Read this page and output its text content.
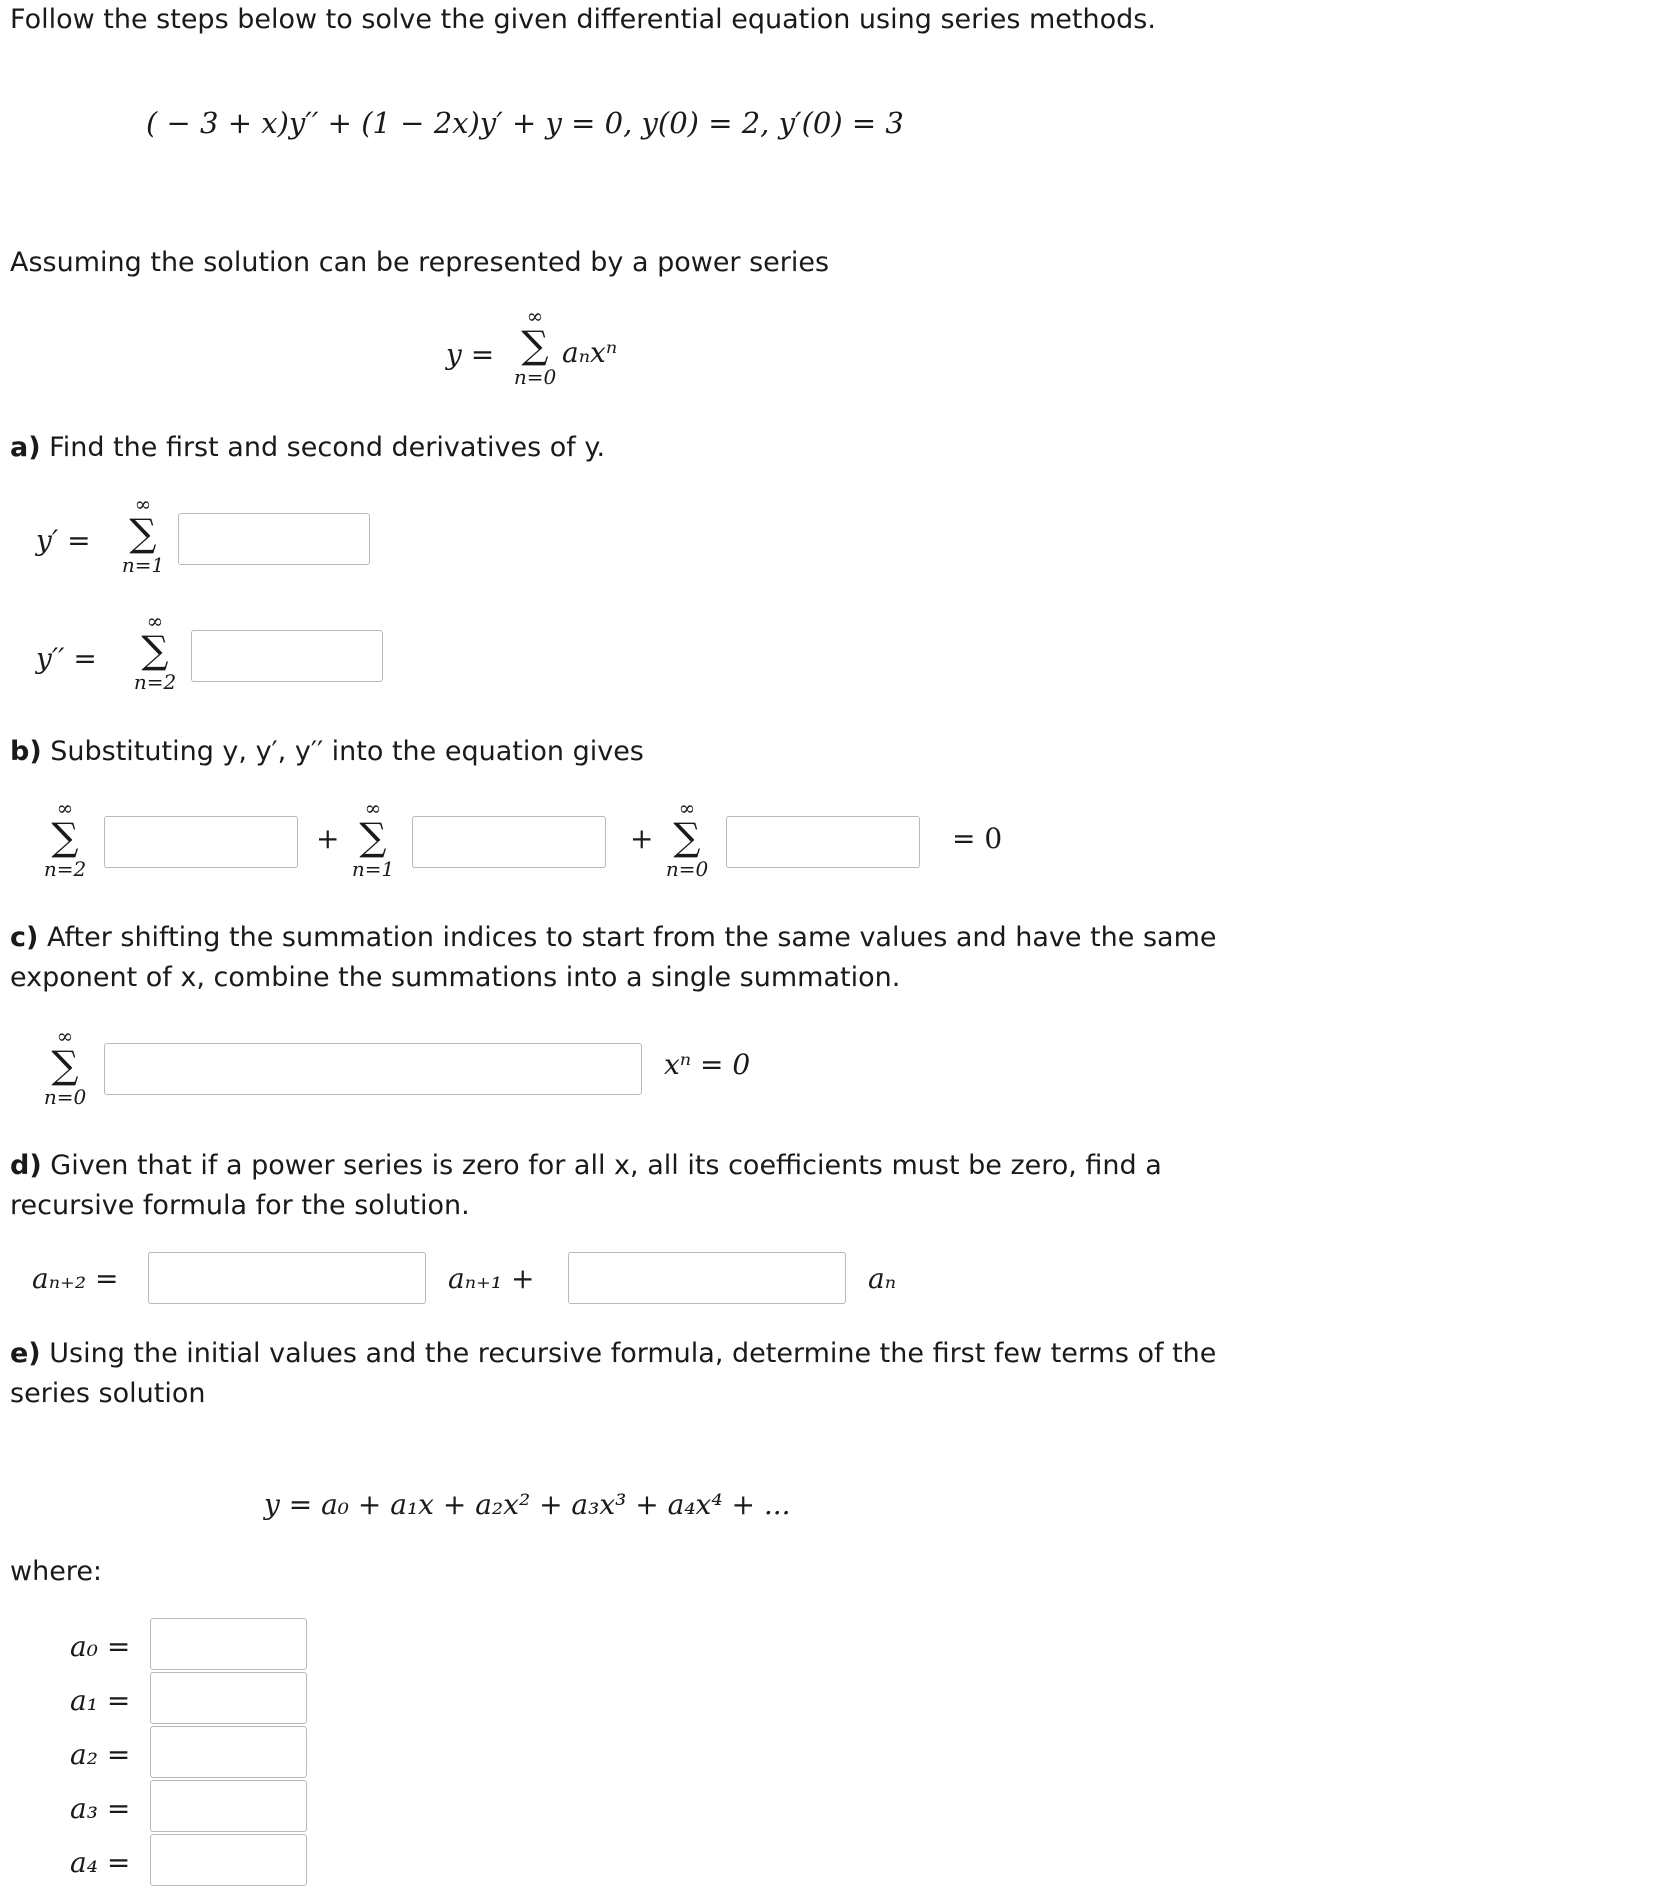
Follow the steps below to solve the given differential equation using series methods.
( − 3 + x)y′′ + (1 − 2x)y′ + y = 0, y(0) = 2, y′(0) = 3
Assuming the solution can be represented by a power series
y =
∞
∑
n=0
aₙxⁿ
a) Find the first and second derivatives of y.
y′ =
∞
∑
n=1
y′′ =
∞
∑
n=2
b) Substituting y, y′, y′′ into the equation gives
∞
∑
n=2
+
∞
∑
n=1
+
∞
∑
n=0
= 0
c) After shifting the summation indices to start from the same values and have the same
exponent of x, combine the summations into a single summation.
∞
∑
n=0
xⁿ = 0
d) Given that if a power series is zero for all x, all its coefficients must be zero, find a
recursive formula for the solution.
aₙ₊₂ =	aₙ₊₁ +	aₙ
e) Using the initial values and the recursive formula, determine the first few terms of the
series solution
y = a₀ + a₁x + a₂x² + a₃x³ + a₄x⁴ + ...
where:
a₀ =
a₁ =
a₂ =
a₃ =
a₄ =
